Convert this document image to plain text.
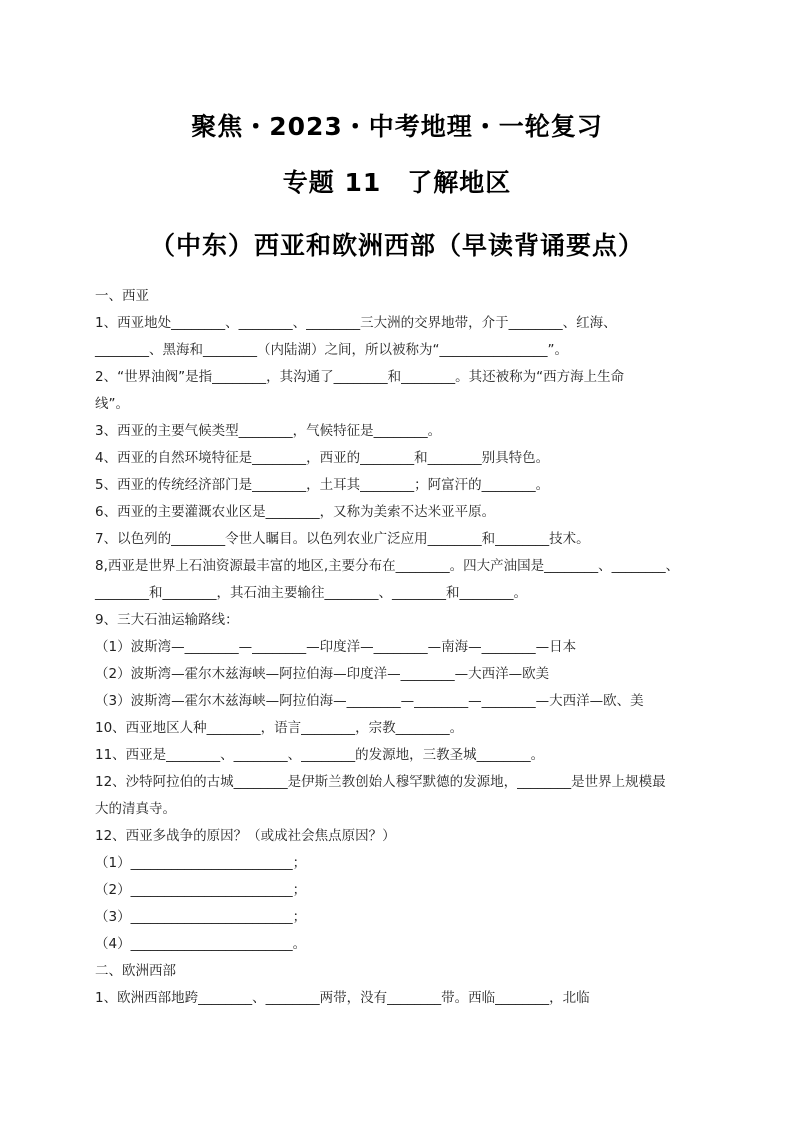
聚焦・2023・中考地理・一轮复习
专题 11　了解地区
（中东）西亚和欧洲西部（早读背诵要点）
一、西亚
1、西亚地处________、________、________三大洲的交界地带，介于________、红海、
________、黑海和________（内陆湖）之间，所以被称为“________________”。
2、“世界油阀”是指________，其沟通了________和________。其还被称为“西方海上生命
线”。
3、西亚的主要气候类型________，气候特征是________。
4、西亚的自然环境特征是________，西亚的________和________别具特色。
5、西亚的传统经济部门是________，土耳其________；阿富汗的________。
6、西亚的主要灌溉农业区是________，又称为美索不达米亚平原。
7、以色列的________令世人瞩目。以色列农业广泛应用________和________技术。
8,西亚是世界上石油资源最丰富的地区,主要分布在________。四大产油国是________、________、
________和________，其石油主要输往________、________和________。
9、三大石油运输路线：
（1）波斯湾—________—________—印度洋—________—南海—________—日本
（2）波斯湾—霍尔木兹海峡—阿拉伯海—印度洋—________—大西洋—欧美
（3）波斯湾—霍尔木兹海峡—阿拉伯海—________—________—________—大西洋—欧、美
10、西亚地区人种________，语言________，宗教________。
11、西亚是________、________、________的发源地，三教圣城________。
12、沙特阿拉伯的古城________是伊斯兰教创始人穆罕默德的发源地，________是世界上规模最
大的清真寺。
12、西亚多战争的原因？（或成社会焦点原因？）
（1）________________________；
（2）________________________；
（3）________________________；
（4）________________________。
二、欧洲西部
1、欧洲西部地跨________、________两带，没有________带。西临________，北临
